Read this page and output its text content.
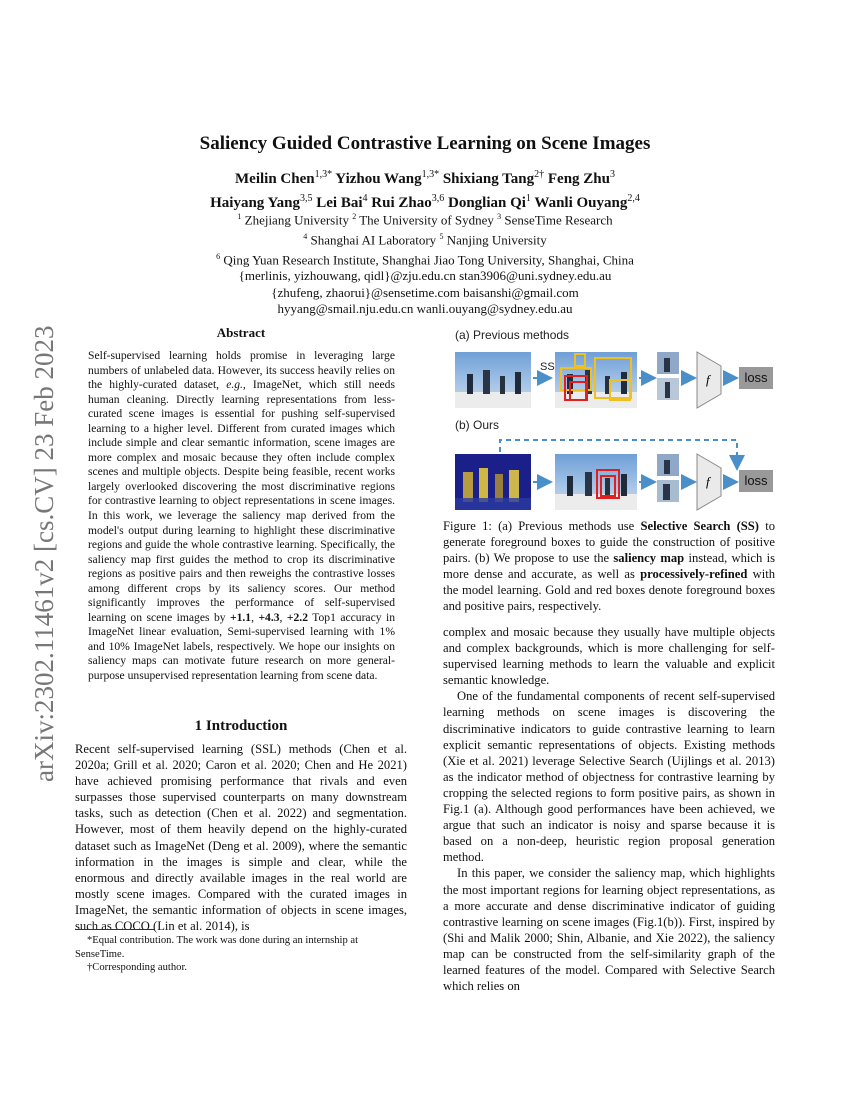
arXiv:2302.11461v2 [cs.CV] 23 Feb 2023
Saliency Guided Contrastive Learning on Scene Images
Meilin Chen$^{1,3*}$ Yizhou Wang$^{1,3*}$ Shixiang Tang$^{2\dagger}$ Feng Zhu$^3$
Haiyang Yang$^{3,5}$ Lei Bai$^4$ Rui Zhao$^{3,6}$ Donglian Qi$^1$ Wanli Ouyang$^{2,4}$
$^1$ Zhejiang University $^2$ The University of Sydney $^3$ SenseTime Research
$^4$ Shanghai AI Laboratory $^5$ Nanjing University
$^6$ Qing Yuan Research Institute, Shanghai Jiao Tong University, Shanghai, China
{merlinis, yizhouwang, qidl}@zju.edu.cn stan3906@uni.sydney.edu.au
{zhufeng, zhaorui}@sensetime.com baisanshi@gmail.com
hyyang@smail.nju.edu.cn wanli.ouyang@sydney.edu.au
Abstract
Self-supervised learning holds promise in leveraging large numbers of unlabeled data. However, its success heavily relies on the highly-curated dataset, e.g., ImageNet, which still needs human cleaning. Directly learning representations from less-curated scene images is essential for pushing self-supervised learning to a higher level. Different from curated images which include simple and clear semantic information, scene images are more complex and mosaic because they often include complex scenes and multiple objects. Despite being feasible, recent works largely overlooked discovering the most discriminative regions for contrastive learning to object representations in scene images. In this work, we leverage the saliency map derived from the model's output during learning to highlight these discriminative regions and guide the whole contrastive learning. Specifically, the saliency map first guides the method to crop its discriminative regions as positive pairs and then reweighs the contrastive losses among different crops by its saliency scores. Our method significantly improves the performance of self-supervised learning on scene images by +1.1, +4.3, +2.2 Top1 accuracy in ImageNet linear evaluation, Semi-supervised learning with 1% and 10% ImageNet labels, respectively. We hope our insights on saliency maps can motivate future research on more general-purpose unsupervised representation learning from scene data.
1 Introduction
Recent self-supervised learning (SSL) methods (Chen et al. 2020a; Grill et al. 2020; Caron et al. 2020; Chen and He 2021) have achieved promising performance that rivals and even surpasses those supervised counterparts on many downstream tasks, such as detection (Chen et al. 2022) and segmentation. However, most of them heavily depend on the highly-curated dataset such as ImageNet (Deng et al. 2009), where the semantic information in the images is simple and clear, while the enormous and directly available images in the real world are mostly scene images. Compared with the curated images in ImageNet, the semantic information of objects in scene images, such as COCO (Lin et al. 2014), is

*Equal contribution. The work was done during an internship at SenseTime.

†Corresponding author.

(a) Previous methods
(b) Ours
SS
f
f
loss
loss
Figure 1: (a) Previous methods use Selective Search (SS) to generate foreground boxes to guide the construction of positive pairs. (b) We propose to use the saliency map instead, which is more dense and accurate, as well as processively-refined with the model learning. Gold and red boxes denote foreground boxes and positive pairs, respectively.

complex and mosaic because they usually have multiple objects and complex backgrounds, which is more challenging for self-supervised learning methods to learn the valuable and explicit semantic knowledge.

One of the fundamental components of recent self-supervised learning methods on scene images is discovering the discriminative indicators to guide contrastive learning to learn explicit semantic representations of objects. Existing methods (Xie et al. 2021) leverage Selective Search (Uijlings et al. 2013) as the indicator method of objectness for contrastive learning by cropping the selected regions to form positive pairs, as shown in Fig.1 (a). Although good performances have been achieved, we argue that such an indicator is noisy and sparse because it is based on a non-deep, heuristic region proposal generation method.

In this paper, we consider the saliency map, which highlights the most important regions for learning object representations, as a more accurate and dense discriminative indicator of guiding contrastive learning on scene images (Fig.1(b)). First, inspired by (Shi and Malik 2000; Shin, Albanie, and Xie 2022), the saliency map can be constructed from the self-similarity graph of the learned features of the model. Compared with Selective Search which relies on
